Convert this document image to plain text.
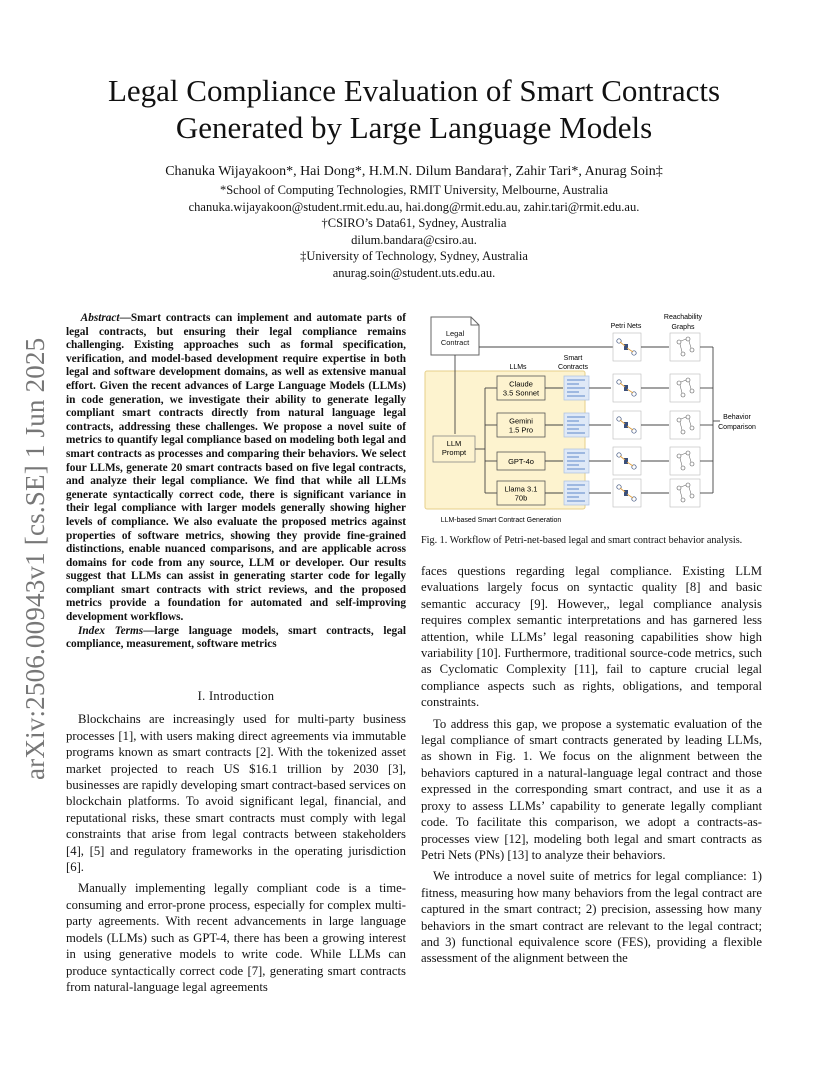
Legal Compliance Evaluation of Smart Contracts
Generated by Large Language Models
Chanuka Wijayakoon*, Hai Dong*, H.M.N. Dilum Bandara†, Zahir Tari*, Anurag Soin‡
*School of Computing Technologies, RMIT University, Melbourne, Australia
chanuka.wijayakoon@student.rmit.edu.au, hai.dong@rmit.edu.au, zahir.tari@rmit.edu.au.
†CSIRO’s Data61, Sydney, Australia
dilum.bandara@csiro.au.
‡University of Technology, Sydney, Australia
anurag.soin@student.uts.edu.au.
arXiv:2506.00943v1 [cs.SE] 1 Jun 2025
Abstract—Smart contracts can implement and automate parts of legal contracts, but ensuring their legal compliance remains challenging. Existing approaches such as formal specification, verification, and model-based development require expertise in both legal and software development domains, as well as extensive manual effort. Given the recent advances of Large Language Models (LLMs) in code generation, we investigate their ability to generate legally compliant smart contracts directly from natural language legal contracts, addressing these challenges. We propose a novel suite of metrics to quantify legal compliance based on modeling both legal and smart contracts as processes and comparing their behaviors. We select four LLMs, generate 20 smart contracts based on five legal contracts, and analyze their legal compliance. We find that while all LLMs generate syntactically correct code, there is significant variance in their legal compliance with larger models generally showing higher levels of compliance. We also evaluate the proposed metrics against properties of software metrics, showing they provide fine-grained distinctions, enable nuanced comparisons, and are applicable across domains for code from any source, LLM or developer. Our results suggest that LLMs can assist in generating starter code for legally compliant smart contracts with strict reviews, and the proposed metrics provide a foundation for automated and self-improving development workflows.
Index Terms—large language models, smart contracts, legal compliance, measurement, software metrics
I. Introduction

Blockchains are increasingly used for multi-party business processes [1], with users making direct agreements via immutable programs known as smart contracts [2]. With the tokenized asset market projected to reach US $16.1 trillion by 2030 [3], businesses are rapidly developing smart contract-based services on blockchain platforms. To avoid significant legal, financial, and reputational risks, these smart contracts must comply with legal constraints that arise from legal contracts between stakeholders [4], [5] and regulatory frameworks in the operating jurisdiction [6].

Manually implementing legally compliant code is a time-consuming and error-prone process, especially for complex multi-party agreements. With recent advancements in large language models (LLMs) such as GPT-4, there has been a growing interest in using generative models to write code. While LLMs can produce syntactically correct code [7], generating smart contracts from natural-language legal agreements

Legal
Contract
LLM
Prompt
LLMs
Smart
Contracts
Petri Nets
Reachability
Graphs
Behavior
Comparison
LLM-based Smart Contract Generation
Claude
3.5 Sonnet
Gemini
1.5 Pro
GPT-4o
Llama 3.1
70b
Fig. 1. Workflow of Petri-net-based legal and smart contract behavior analysis.

faces questions regarding legal compliance. Existing LLM evaluations largely focus on syntactic quality [8] and basic semantic accuracy [9]. However,, legal compliance analysis requires complex semantic interpretations and has garnered less attention, while LLMs’ legal reasoning capabilities show high variability [10]. Furthermore, traditional source-code metrics, such as Cyclomatic Complexity [11], fail to capture crucial legal compliance aspects such as rights, obligations, and temporal constraints.

To address this gap, we propose a systematic evaluation of the legal compliance of smart contracts generated by leading LLMs, as shown in Fig. 1. We focus on the alignment between the behaviors captured in a natural-language legal contract and those expressed in the corresponding smart contract, and use it as a proxy to assess LLMs’ capability to generate legally compliant code. To facilitate this comparison, we adopt a contracts-as-processes view [12], modeling both legal and smart contracts as Petri Nets (PNs) [13] to analyze their behaviors.

We introduce a novel suite of metrics for legal compliance: 1) fitness, measuring how many behaviors from the legal contract are captured in the smart contract; 2) precision, assessing how many behaviors in the smart contract are relevant to the legal contract; and 3) functional equivalence score (FES), providing a flexible assessment of the alignment between the
